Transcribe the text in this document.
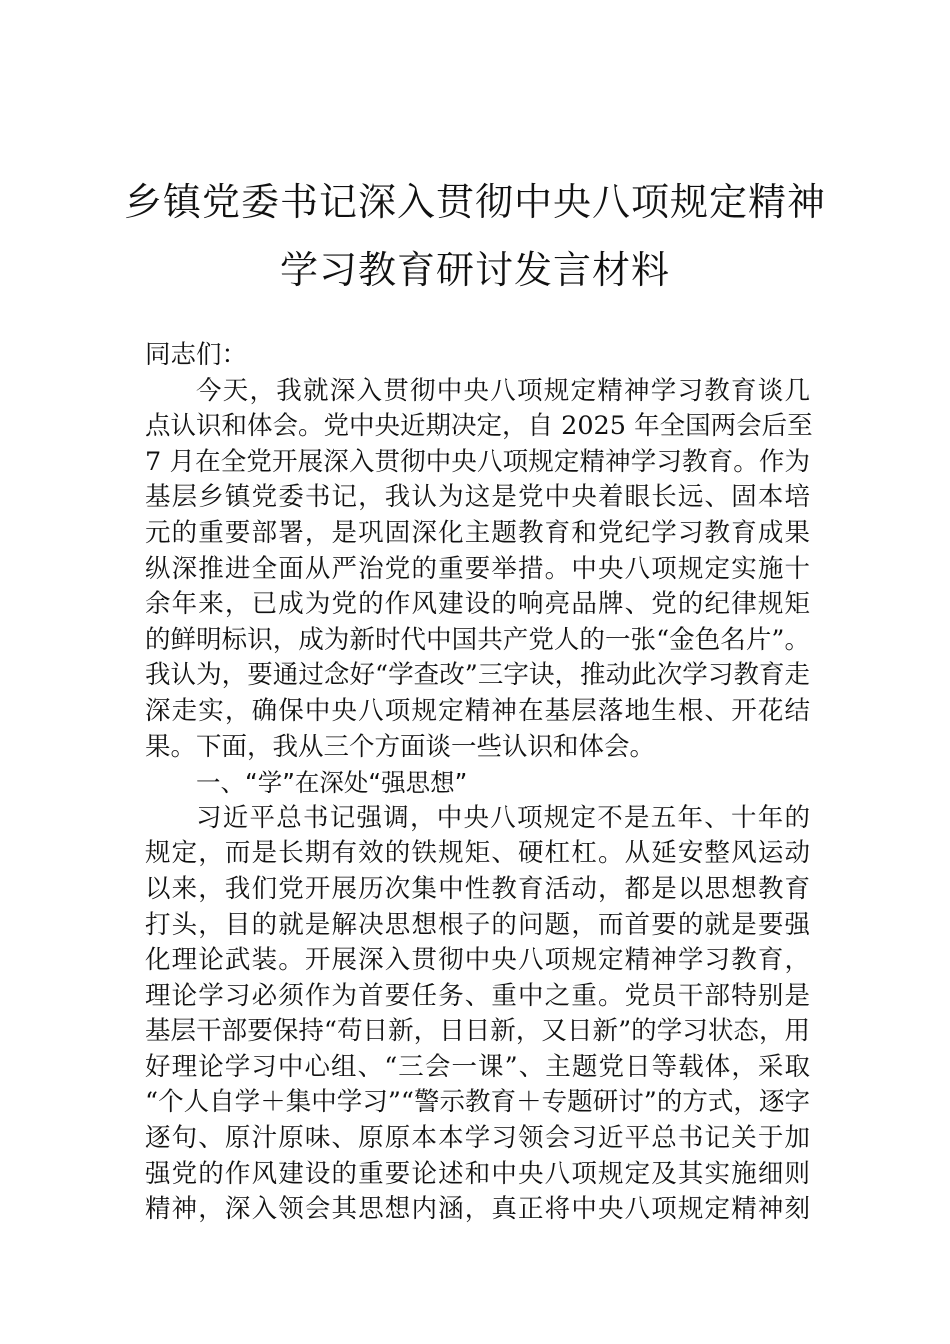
乡镇党委书记深入贯彻中央八项规定精神
学习教育研讨发言材料
同志们：
今天，我就深入贯彻中央八项规定精神学习教育谈几
点认识和体会。党中央近期决定，自 2025 年全国两会后至
7 月在全党开展深入贯彻中央八项规定精神学习教育。作为
基层乡镇党委书记，我认为这是党中央着眼长远、固本培
元的重要部署，是巩固深化主题教育和党纪学习教育成果
纵深推进全面从严治党的重要举措。中央八项规定实施十
余年来，已成为党的作风建设的响亮品牌、党的纪律规矩
的鲜明标识，成为新时代中国共产党人的一张“金色名片”。
我认为，要通过念好“学查改”三字诀，推动此次学习教育走
深走实，确保中央八项规定精神在基层落地生根、开花结
果。下面，我从三个方面谈一些认识和体会。
一、“学”在深处“强思想”
习近平总书记强调，中央八项规定不是五年、十年的
规定，而是长期有效的铁规矩、硬杠杠。从延安整风运动
以来，我们党开展历次集中性教育活动，都是以思想教育
打头，目的就是解决思想根子的问题，而首要的就是要强
化理论武装。开展深入贯彻中央八项规定精神学习教育，
理论学习必须作为首要任务、重中之重。党员干部特别是
基层干部要保持“苟日新，日日新，又日新”的学习状态，用
好理论学习中心组、“三会一课”、主题党日等载体，采取
“个人自学＋集中学习”“警示教育＋专题研讨”的方式，逐字
逐句、原汁原味、原原本本学习领会习近平总书记关于加
强党的作风建设的重要论述和中央八项规定及其实施细则
精神，深入领会其思想内涵，真正将中央八项规定精神刻
